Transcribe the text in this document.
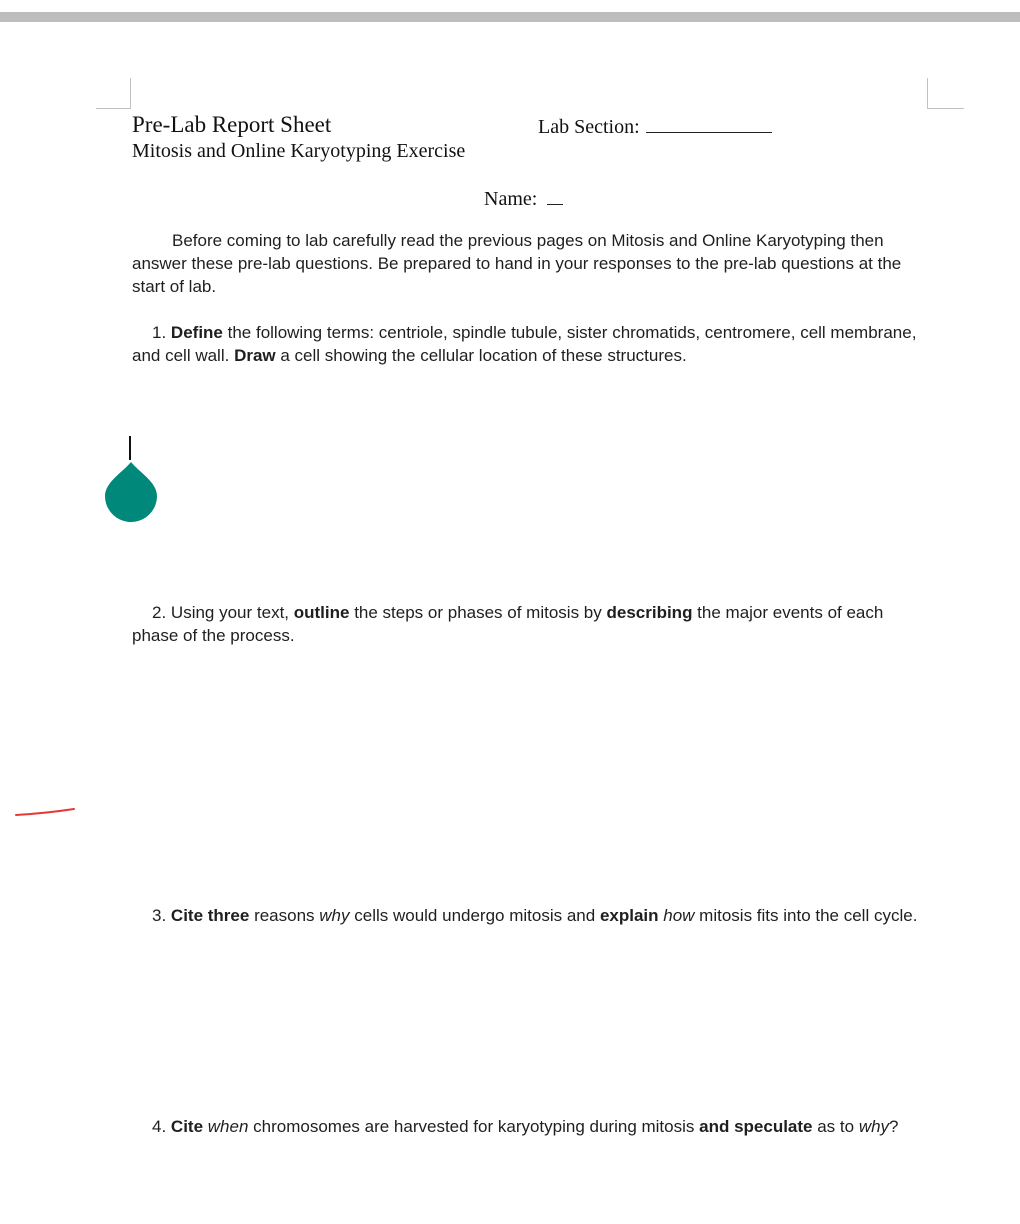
Pre-Lab Report Sheet
Mitosis and Online Karyotyping Exercise
Lab Section:
Name:
Before coming to lab carefully read the previous pages on Mitosis and Online Karyotyping then answer these pre-lab questions. Be prepared to hand in your responses to the pre-lab questions at the start of lab.
1. Define the following terms: centriole, spindle tubule, sister chromatids, centromere, cell membrane, and cell wall. Draw a cell showing the cellular location of these structures.
2. Using your text, outline the steps or phases of mitosis by describing the major events of each phase of the process.
3. Cite three reasons why cells would undergo mitosis and explain how mitosis fits into the cell cycle.
4. Cite when chromosomes are harvested for karyotyping during mitosis and speculate as to why?
